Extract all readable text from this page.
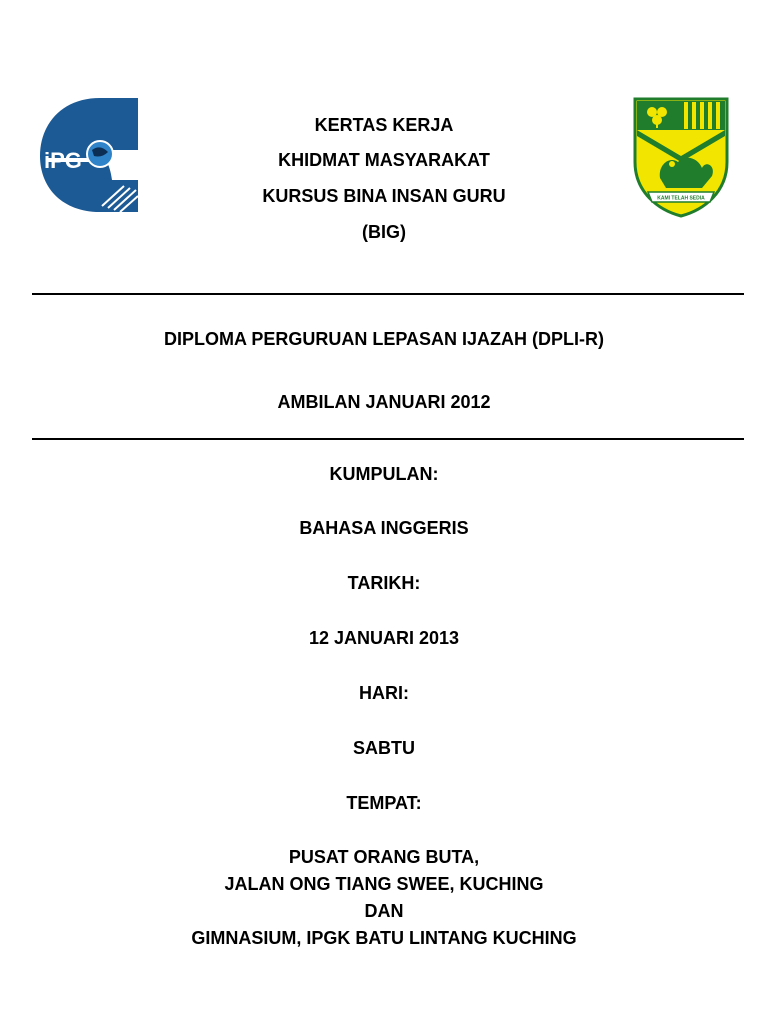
iPG
KAMI TELAH SEDIA
KERTAS KERJA
KHIDMAT MASYARAKAT
KURSUS BINA INSAN GURU
(BIG)
DIPLOMA PERGURUAN LEPASAN IJAZAH (DPLI-R)
AMBILAN JANUARI 2012
KUMPULAN:
BAHASA INGGERIS
TARIKH:
12 JANUARI 2013
HARI:
SABTU
TEMPAT:
PUSAT ORANG BUTA,
JALAN ONG TIANG SWEE, KUCHING
DAN
GIMNASIUM, IPGK BATU LINTANG KUCHING
